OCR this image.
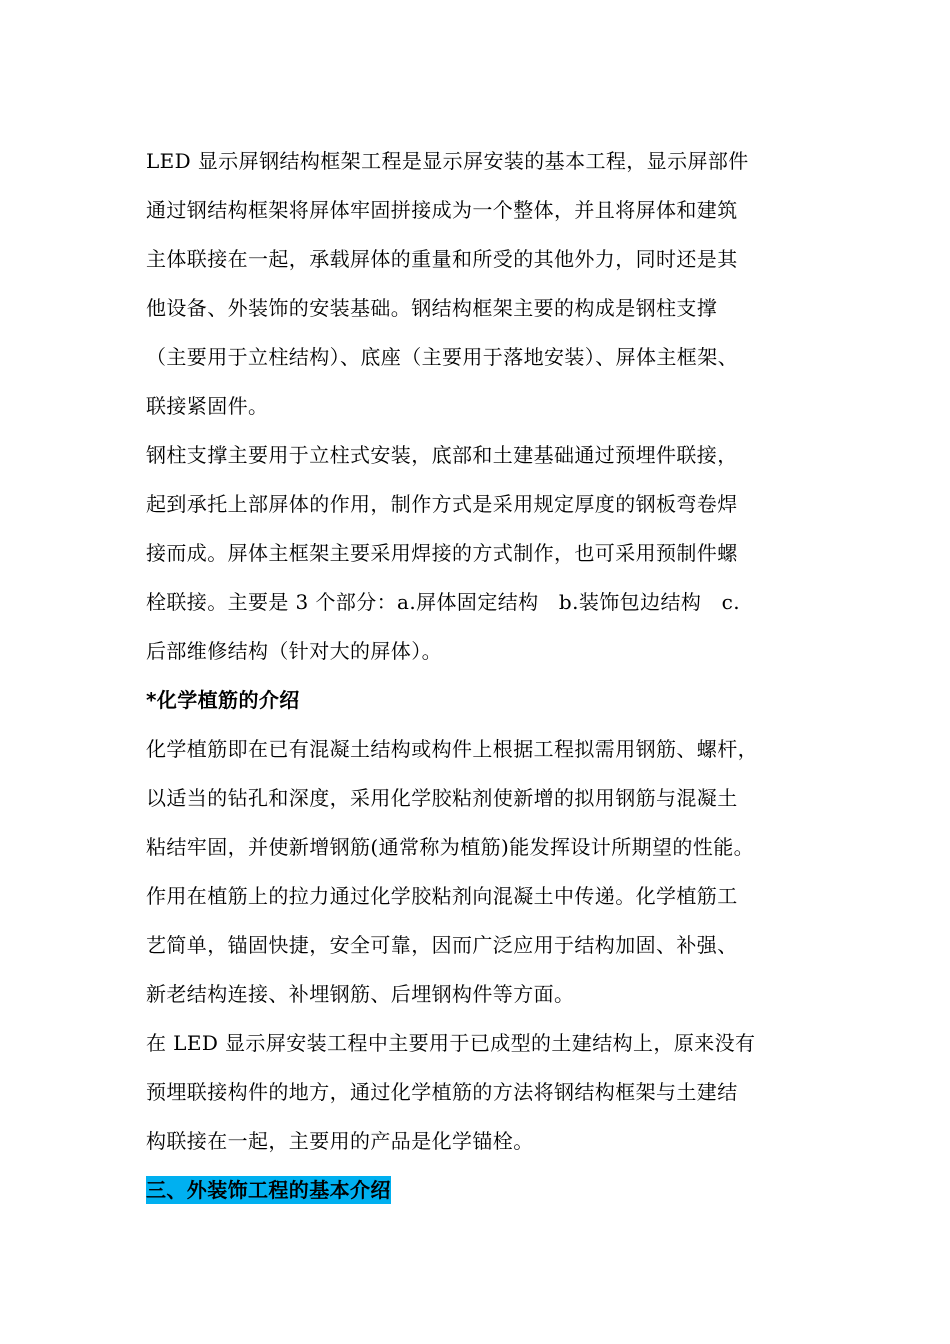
LED 显示屏钢结构框架工程是显示屏安装的基本工程，显示屏部件
通过钢结构框架将屏体牢固拼接成为一个整体，并且将屏体和建筑
主体联接在一起，承载屏体的重量和所受的其他外力，同时还是其
他设备、外装饰的安装基础。钢结构框架主要的构成是钢柱支撑
（主要用于立柱结构）、底座（主要用于落地安装）、屏体主框架、
联接紧固件。
钢柱支撑主要用于立柱式安装，底部和土建基础通过预埋件联接，
起到承托上部屏体的作用，制作方式是采用规定厚度的钢板弯卷焊
接而成。屏体主框架主要采用焊接的方式制作，也可采用预制件螺
栓联接。主要是 3 个部分：a.屏体固定结构　b.装饰包边结构　c.
后部维修结构（针对大的屏体）。
*化学植筋的介绍
化学植筋即在已有混凝土结构或构件上根据工程拟需用钢筋、螺杆，
以适当的钻孔和深度，采用化学胶粘剂使新增的拟用钢筋与混凝土
粘结牢固，并使新增钢筋(通常称为植筋)能发挥设计所期望的性能。
作用在植筋上的拉力通过化学胶粘剂向混凝土中传递。化学植筋工
艺简单，锚固快捷，安全可靠，因而广泛应用于结构加固、补强、
新老结构连接、补埋钢筋、后埋钢构件等方面。
在 LED 显示屏安装工程中主要用于已成型的土建结构上，原来没有
预埋联接构件的地方，通过化学植筋的方法将钢结构框架与土建结
构联接在一起，主要用的产品是化学锚栓。
三、外装饰工程的基本介绍
